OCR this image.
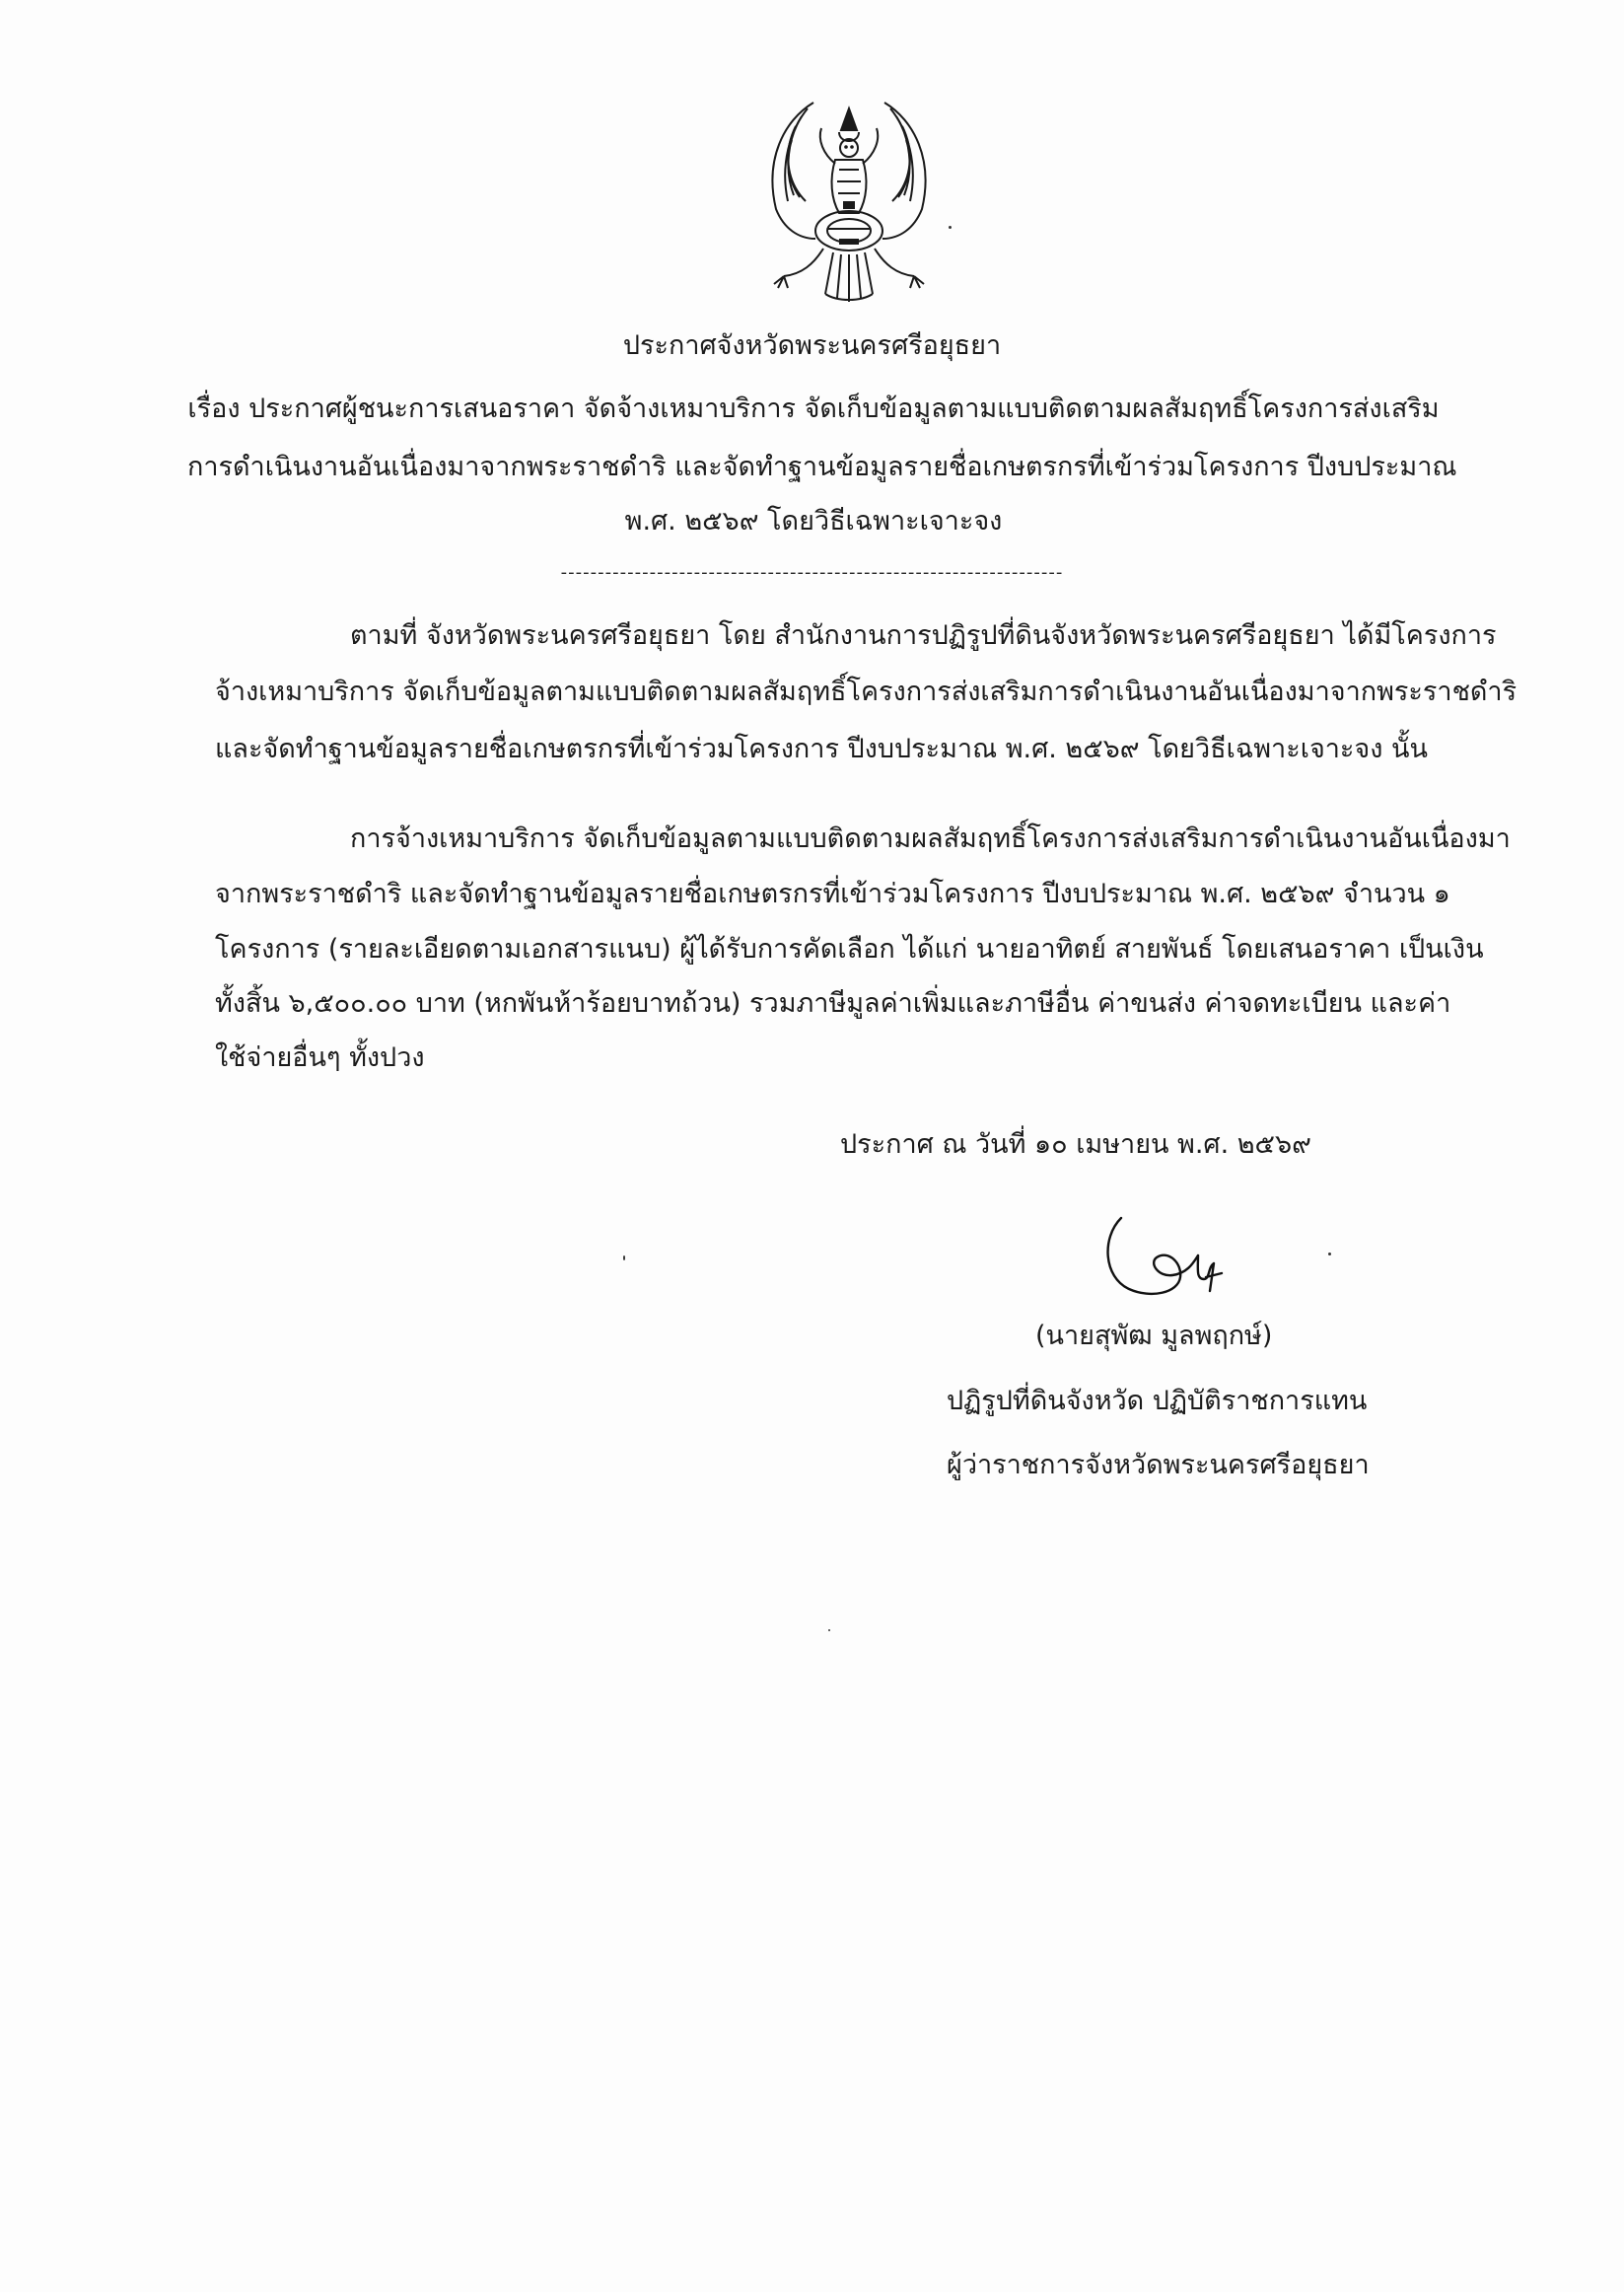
ประกาศจังหวัดพระนครศรีอยุธยา
เรื่อง ประกาศผู้ชนะการเสนอราคา จัดจ้างเหมาบริการ จัดเก็บข้อมูลตามแบบติดตามผลสัมฤทธิ์โครงการส่งเสริม
การดำเนินงานอันเนื่องมาจากพระราชดำริ และจัดทำฐานข้อมูลรายชื่อเกษตรกรที่เข้าร่วมโครงการ ปีงบประมาณ
พ.ศ. ๒๕๖๙ โดยวิธีเฉพาะเจาะจง
--------------------------------------------------------------------
ตามที่ จังหวัดพระนครศรีอยุธยา โดย สำนักงานการปฏิรูปที่ดินจังหวัดพระนครศรีอยุธยา ได้มีโครงการ
จ้างเหมาบริการ จัดเก็บข้อมูลตามแบบติดตามผลสัมฤทธิ์โครงการส่งเสริมการดำเนินงานอันเนื่องมาจากพระราชดำริ
และจัดทำฐานข้อมูลรายชื่อเกษตรกรที่เข้าร่วมโครงการ ปีงบประมาณ พ.ศ. ๒๕๖๙ โดยวิธีเฉพาะเจาะจง นั้น
การจ้างเหมาบริการ จัดเก็บข้อมูลตามแบบติดตามผลสัมฤทธิ์โครงการส่งเสริมการดำเนินงานอันเนื่องมา
จากพระราชดำริ และจัดทำฐานข้อมูลรายชื่อเกษตรกรที่เข้าร่วมโครงการ ปีงบประมาณ พ.ศ. ๒๕๖๙ จำนวน ๑
โครงการ (รายละเอียดตามเอกสารแนบ) ผู้ได้รับการคัดเลือก ได้แก่ นายอาทิตย์ สายพันธ์ โดยเสนอราคา เป็นเงิน
ทั้งสิ้น ๖,๕๐๐.๐๐ บาท (หกพันห้าร้อยบาทถ้วน) รวมภาษีมูลค่าเพิ่มและภาษีอื่น ค่าขนส่ง ค่าจดทะเบียน และค่า
ใช้จ่ายอื่นๆ ทั้งปวง
ประกาศ ณ วันที่ ๑๐ เมษายน พ.ศ. ๒๕๖๙
(นายสุพัฒ มูลพฤกษ์)
ปฏิรูปที่ดินจังหวัด ปฏิบัติราชการแทน
ผู้ว่าราชการจังหวัดพระนครศรีอยุธยา
